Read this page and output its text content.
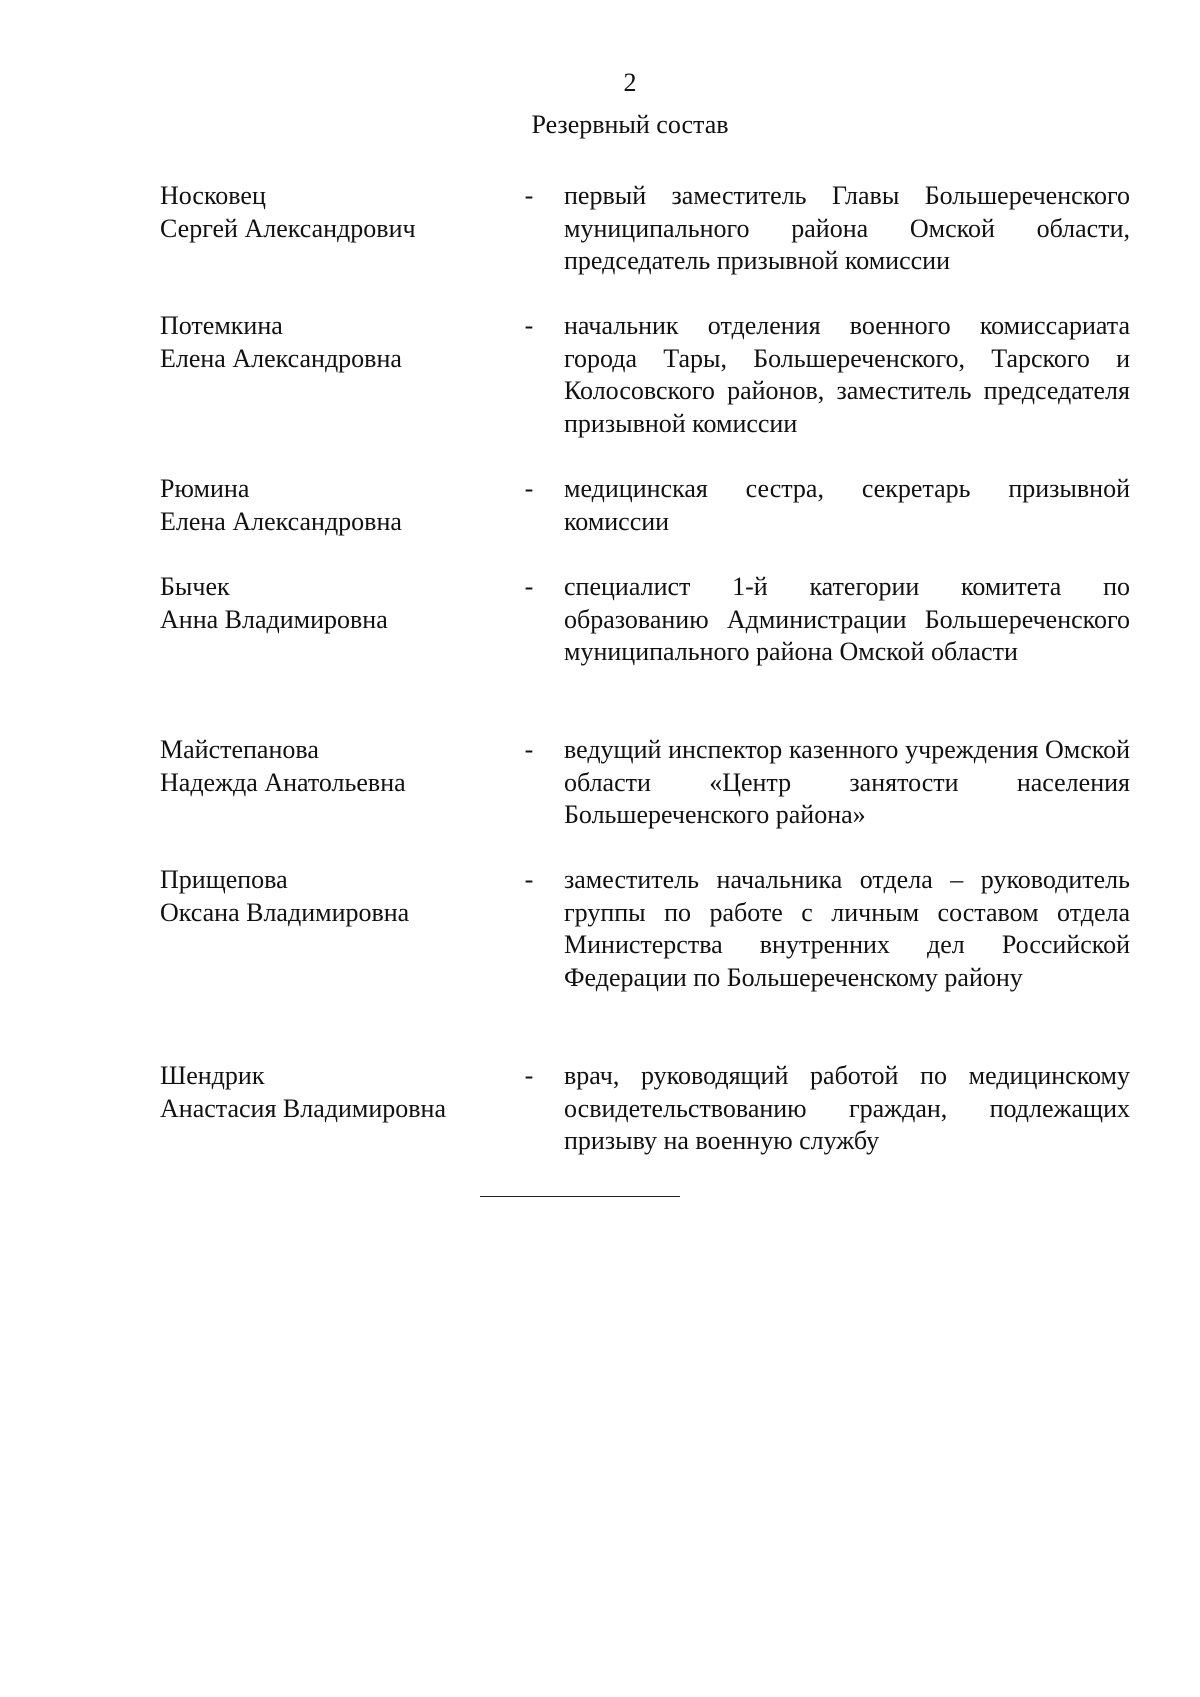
2
Резервный состав
Носковец
Сергей Александрович
- первый заместитель Главы Большереченского муниципального района Омской области, председатель призывной комиссии
Потемкина
Елена Александровна
- начальник отделения военного комиссариата города Тары, Большереченского, Тарского и Колосовского районов, заместитель председателя призывной комиссии
Рюмина
Елена Александровна
- медицинская сестра, секретарь призывной комиссии
Бычек
Анна Владимировна
- специалист 1-й категории комитета по образованию Администрации Большереченского муниципального района Омской области
Майстепанова
Надежда Анатольевна
- ведущий инспектор казенного учреждения Омской области «Центр занятости населения Большереченского района»
Прищепова
Оксана Владимировна
- заместитель начальника отдела – руководитель группы по работе с личным составом отдела Министерства внутренних дел Российской Федерации по Большереченскому району
Шендрик
Анастасия Владимировна
- врач, руководящий работой по медицинскому освидетельствованию граждан, подлежащих призыву на военную службу
